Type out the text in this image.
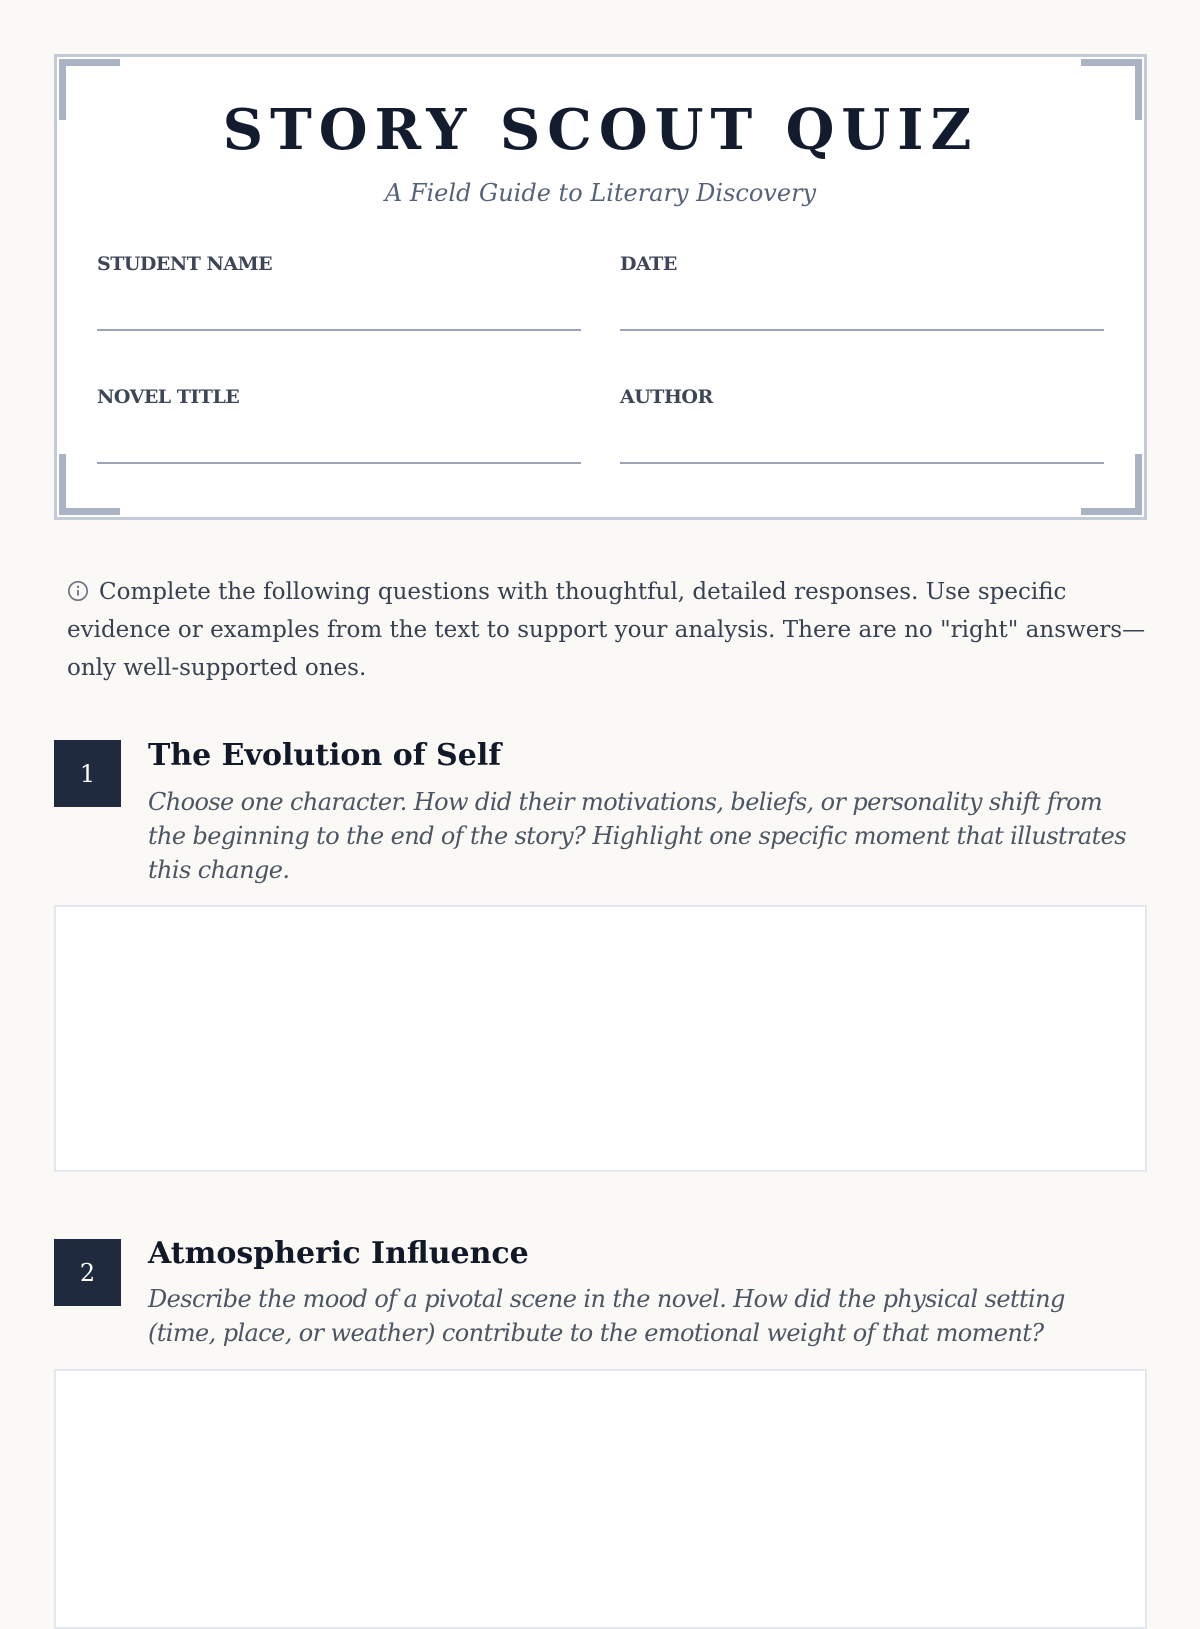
STORY SCOUT QUIZ

A Field Guide to Literary Discovery

STUDENT NAME	DATE
NOVEL TITLE	AUTHOR

Complete the following questions with thoughtful, detailed responses. Use specific evidence or examples from the text to support your analysis. There are no "right" answers—only well-supported ones.

1
The Evolution of Self

Choose one character. How did their motivations, beliefs, or personality shift from the beginning to the end of the story? Highlight one specific moment that illustrates this change.

2
Atmospheric Influence

Describe the mood of a pivotal scene in the novel. How did the physical setting (time, place, or weather) contribute to the emotional weight of that moment?
